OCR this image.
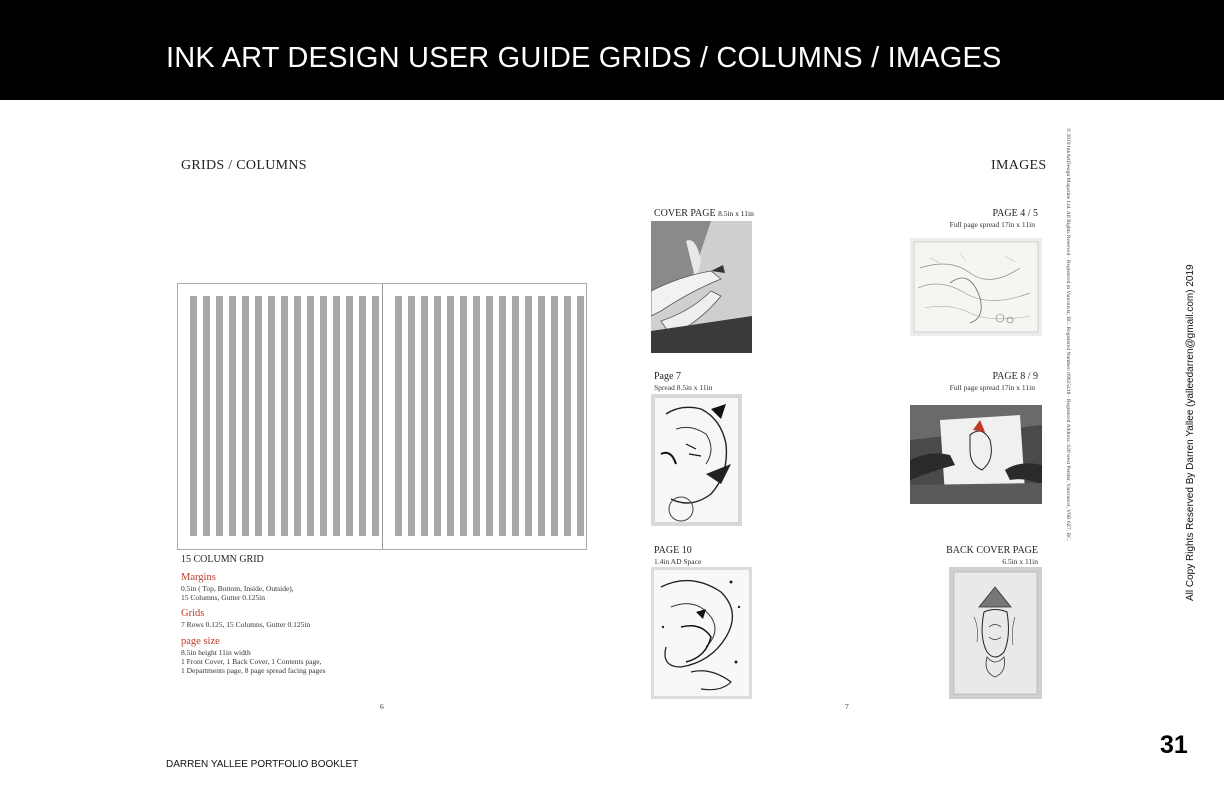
INK ART DESIGN USER GUIDE GRIDS / COLUMNS / IMAGES
GRIDS / COLUMNS
15 COLUMN GRID
Margins
0.5in ( Top, Bottom, Inside, Outside),
15 Columns, Gutter 0.125in
Grids
7 Rows 0.125, 15 Columns, Gutter 0.125in
page size
8.5in height 11in width
1 Front Cover, 1 Back Cover, 1 Contents page,
1 Departments page, 8 page spread facing pages
6
IMAGES
COVER PAGE 8.5in x 11in	PAGE 4 / 5
Full page spread 17in x 11in
Page 7
Spread 8.5in x 11in
PAGE 8 / 9
Full page spread 17in x 11in
PAGE 10
1.4in AD Space
BACK COVER PAGE
6.5in x 11in
7
© 2019 InkArtDesign Magazine Ltd. All Rights Reserved · Registered in Vancouver, BC. Registered Number: 09625418 · Registered Address: 620 west Pender, Vancouver, V6B 6Z7, BC.	All Copy Rights Reserved By Darren Yallee (yalleedarren@gmail.com) 2019
DARREN YALLEE PORTFOLIO BOOKLET
31
